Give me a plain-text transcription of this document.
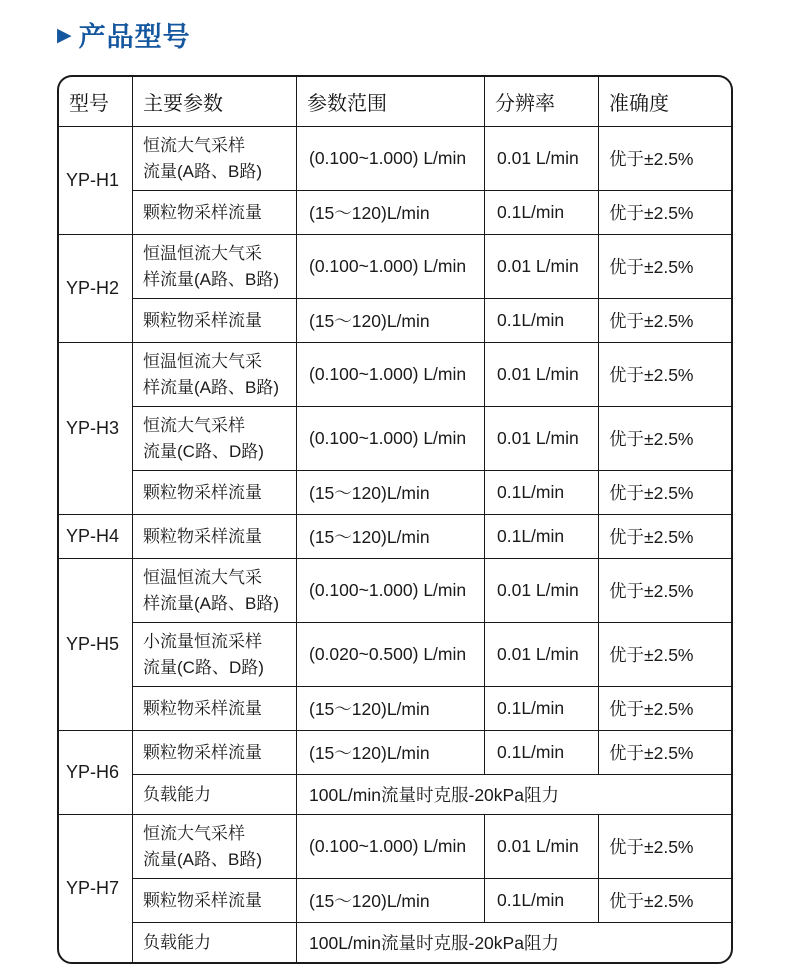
▶ 产品型号
型号	主要参数	参数范围	分辨率	准确度
YP-H1	恒流大气采样
流量(A路、B路)	(0.100~1.000) L/min	0.01 L/min	优于±2.5%
	颗粒物采样流量	(15～120)L/min	0.1L/min	优于±2.5%
YP-H2	恒温恒流大气采
样流量(A路、B路)	(0.100~1.000) L/min	0.01 L/min	优于±2.5%
	颗粒物采样流量	(15～120)L/min	0.1L/min	优于±2.5%
YP-H3	恒温恒流大气采
样流量(A路、B路)	(0.100~1.000) L/min	0.01 L/min	优于±2.5%
	恒流大气采样
流量(C路、D路)	(0.100~1.000) L/min	0.01 L/min	优于±2.5%
	颗粒物采样流量	(15～120)L/min	0.1L/min	优于±2.5%
YP-H4	颗粒物采样流量	(15～120)L/min	0.1L/min	优于±2.5%
YP-H5	恒温恒流大气采
样流量(A路、B路)	(0.100~1.000) L/min	0.01 L/min	优于±2.5%
	小流量恒流采样
流量(C路、D路)	(0.020~0.500) L/min	0.01 L/min	优于±2.5%
	颗粒物采样流量	(15～120)L/min	0.1L/min	优于±2.5%
YP-H6	颗粒物采样流量	(15～120)L/min	0.1L/min	优于±2.5%
	负载能力	100L/min流量时克服-20kPa阻力		
YP-H7	恒流大气采样
流量(A路、B路)	(0.100~1.000) L/min	0.01 L/min	优于±2.5%
	颗粒物采样流量	(15～120)L/min	0.1L/min	优于±2.5%
	负载能力	100L/min流量时克服-20kPa阻力		
